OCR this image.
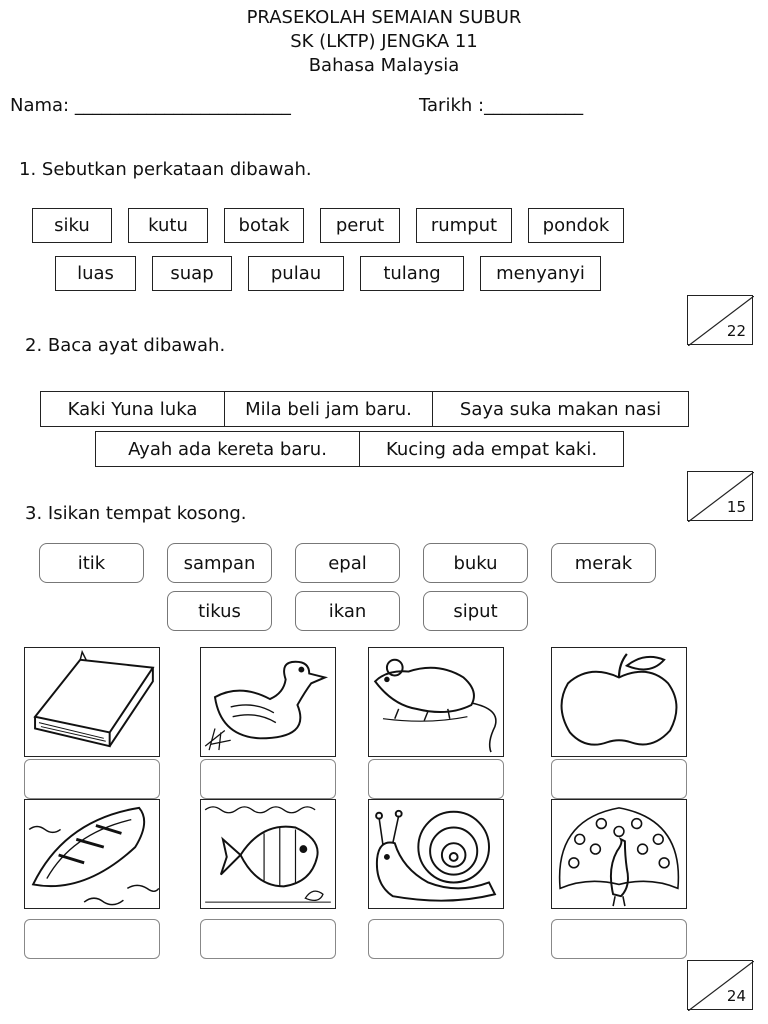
PRASEKOLAH SEMAIAN SUBUR
SK (LKTP) JENGKA 11
Bahasa Malaysia
Nama: ________________________	Tarikh :___________
1. Sebutkan perkataan dibawah.
siku	kutu	botak	perut	rumput	pondok
luas	suap	pulau	tulang	menyanyi
22
2. Baca ayat dibawah.
Kaki Yuna luka	Mila beli jam baru.	Saya suka makan nasi
Ayah ada kereta baru.	Kucing ada empat kaki.
15
3. Isikan tempat kosong.
itik	sampan	epal	buku	merak
tikus	ikan	siput
24
